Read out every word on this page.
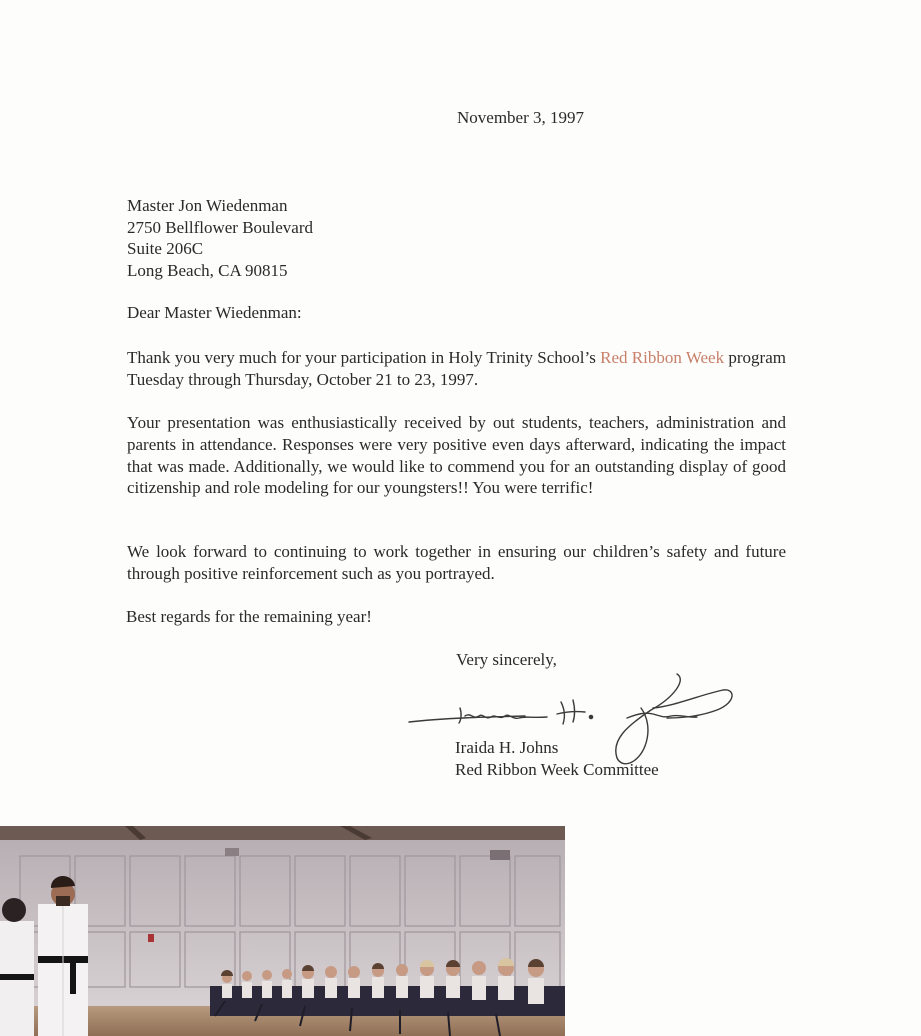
November 3, 1997
Master Jon Wiedenman
2750 Bellflower Boulevard
Suite 206C
Long Beach, CA 90815
Dear Master Wiedenman:
Thank you very much for your participation in Holy Trinity School’s Red Ribbon Week program Tuesday through Thursday, October 21 to 23, 1997.
Your presentation was enthusiastically received by out students, teachers, administration and parents in attendance. Responses were very positive even days afterward, indicating the impact that was made. Additionally, we would like to commend you for an outstanding display of good citizenship and role modeling for our youngsters!! You were terrific!
We look forward to continuing to work together in ensuring our children’s safety and future through positive reinforcement such as you portrayed.
Best regards for the remaining year!
Very sincerely,
Iraida H. Johns
Red Ribbon Week Committee
